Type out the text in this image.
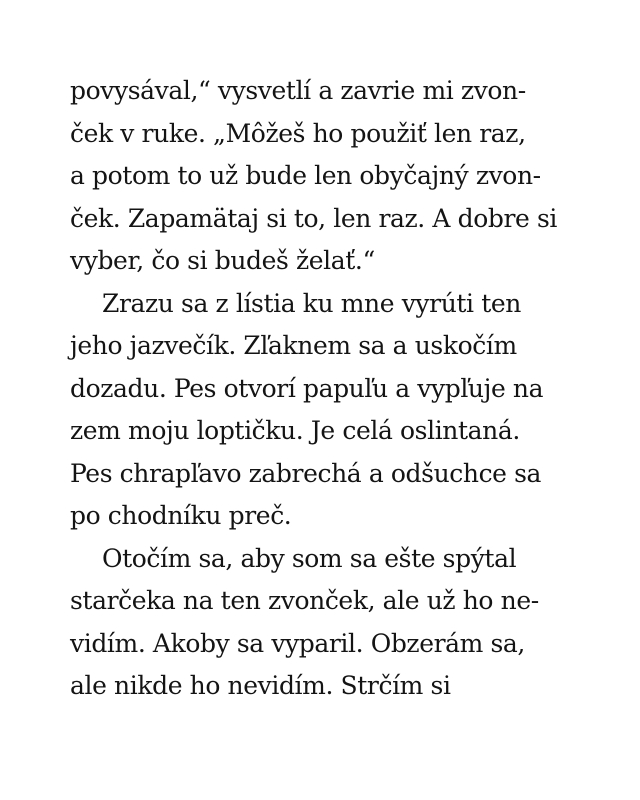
povysával,“ vysvetlí a zavrie mi zvon-
ček v ruke. „Môžeš ho použiť len raz,
a potom to už bude len obyčajný zvon-
ček. Zapamätaj si to, len raz. A dobre si
vyber, čo si budeš želať.“
Zrazu sa z lístia ku mne vyrúti ten
jeho jazvečík. Zľaknem sa a uskočím
dozadu. Pes otvorí papuľu a vypľuje na
zem moju loptičku. Je celá oslintaná.
Pes chrapľavo zabrechá a odšuchce sa
po chodníku preč.
Otočím sa, aby som sa ešte spýtal
starčeka na ten zvonček, ale už ho ne-
vidím. Akoby sa vyparil. Obzerám sa,
ale nikde ho nevidím. Strčím si
